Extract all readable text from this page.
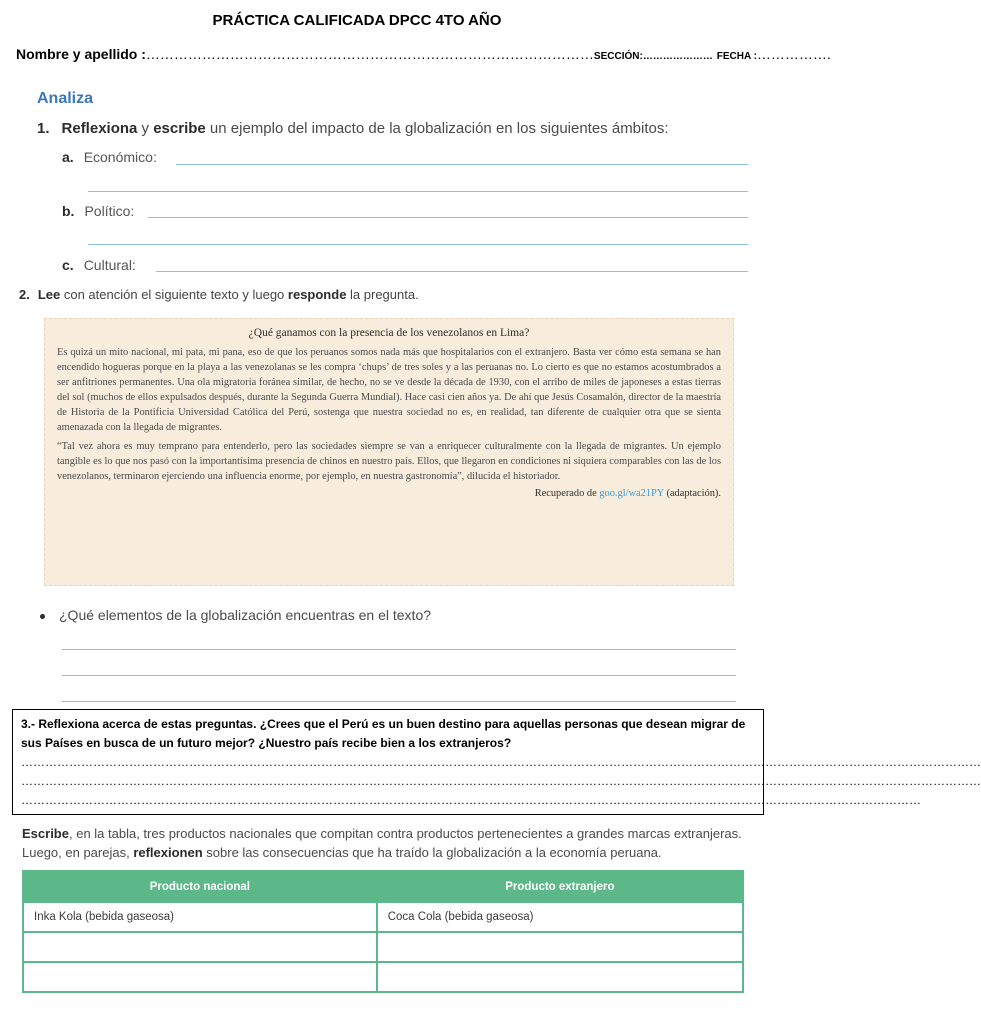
PRÁCTICA CALIFICADA DPCC 4TO AÑO
Nombre y apellido :……………………………………………………………………………………SECCIÓN:………………… FECHA :…………….
Analiza
1. Reflexiona y escribe un ejemplo del impacto de la globalización en los siguientes ámbitos:
a. Económico:
b. Político:
c. Cultural:
2. Lee con atención el siguiente texto y luego responde la pregunta.
¿Qué ganamos con la presencia de los venezolanos en Lima?

Es quizá un mito nacional, mi pata, mi pana, eso de que los peruanos somos nada más que hospitalarios con el extranjero. Basta ver cómo esta semana se han encendido hogueras porque en la playa a las venezolanas se les compra ‘chups’ de tres soles y a las peruanas no. Lo cierto es que no estamos acostumbrados a ser anfitriones permanentes. Una ola migratoria foránea similar, de hecho, no se ve desde la década de 1930, con el arribo de miles de japoneses a estas tierras del sol (muchos de ellos expulsados después, durante la Segunda Guerra Mundial). Hace casi cien años ya. De ahí que Jesús Cosamalón, director de la maestría de Historia de la Pontificia Universidad Católica del Perú, sostenga que nuestra sociedad no es, en realidad, tan diferente de cualquier otra que se sienta amenazada con la llegada de migrantes.

“Tal vez ahora es muy temprano para entenderlo, pero las sociedades siempre se van a enriquecer culturalmente con la llegada de migrantes. Un ejemplo tangible es lo que nos pasó con la importantísima presencia de chinos en nuestro país. Ellos, que llegaron en condiciones ni siquiera comparables con las de los venezolanos, terminaron ejerciendo una influencia enorme, por ejemplo, en nuestra gastronomía”, dilucida el historiador.

Recuperado de goo.gl/wa21PY (adaptación).
¿Qué elementos de la globalización encuentras en el texto?
3.- Reflexiona acerca de estas preguntas. ¿Crees que el Perú es un buen destino para aquellas personas que desean migrar de sus Países en busca de un futuro mejor? ¿Nuestro país recibe bien a los extranjeros?
……………………………………………………………………………………………………………………………………………………………………………………………………………………
……………………………………………………………………………………………………………………………………………………………………………………………………………………
………………………………………………………………………………………………………………………………………………………………………………………………………
Escribe, en la tabla, tres productos nacionales que compitan contra productos pertenecientes a grandes marcas extranjeras. Luego, en parejas, reflexionen sobre las consecuencias que ha traído la globalización a la economía peruana.
Producto nacional	Producto extranjero
Inka Kola (bebida gaseosa)	Coca Cola (bebida gaseosa)
